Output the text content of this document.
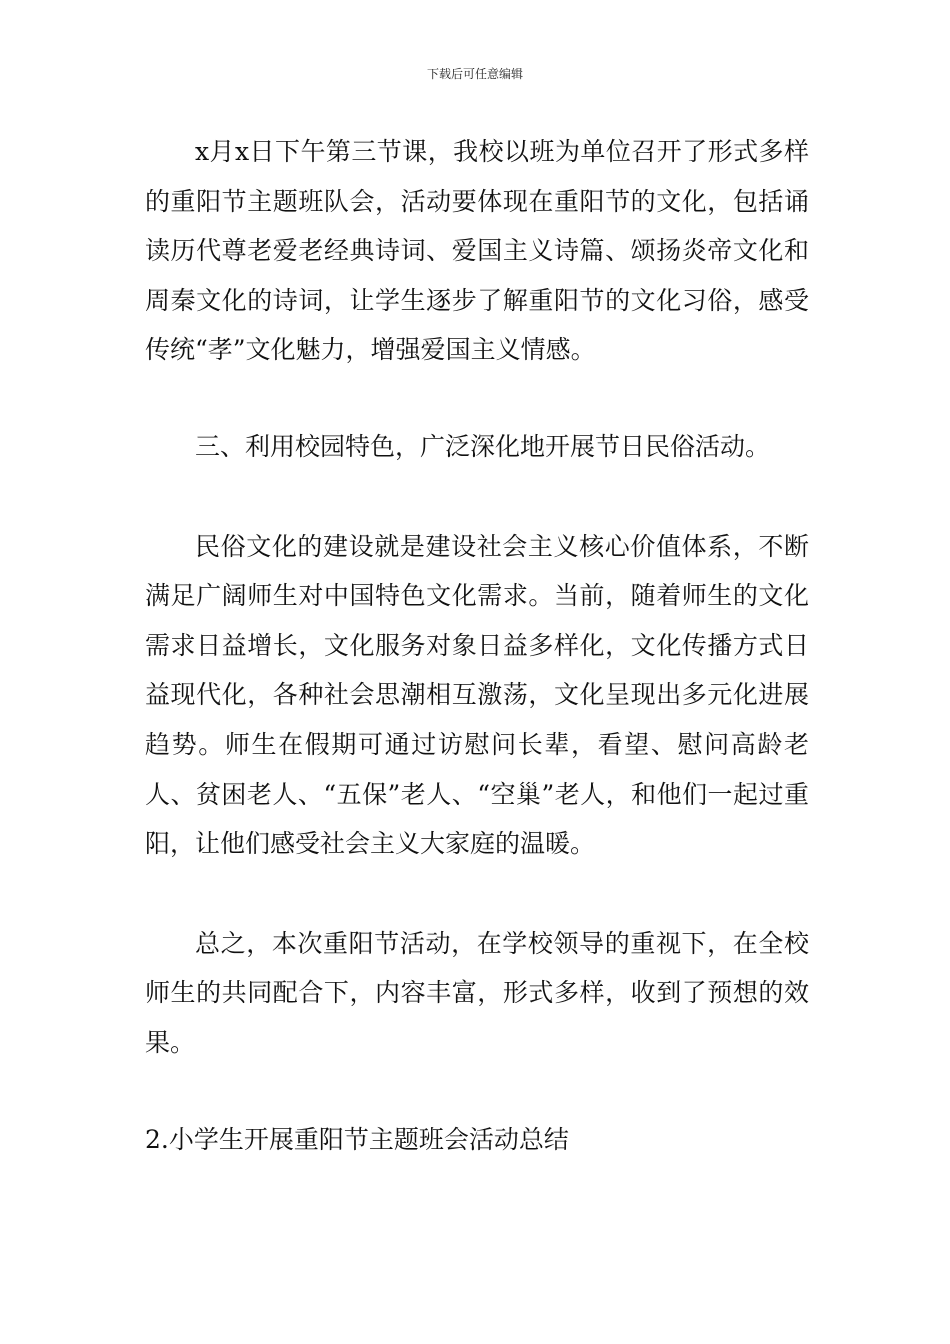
下载后可任意编辑

x月x日下午第三节课，我校以班为单位召开了形式多样的重阳节主题班队会，活动要体现在重阳节的文化，包括诵读历代尊老爱老经典诗词、爱国主义诗篇、颂扬炎帝文化和周秦文化的诗词，让学生逐步了解重阳节的文化习俗，感受传统“孝”文化魅力，增强爱国主义情感。

三、利用校园特色，广泛深化地开展节日民俗活动。

民俗文化的建设就是建设社会主义核心价值体系，不断满足广阔师生对中国特色文化需求。当前，随着师生的文化需求日益增长，文化服务对象日益多样化，文化传播方式日益现代化，各种社会思潮相互激荡，文化呈现出多元化进展趋势。师生在假期可通过访慰问长辈，看望、慰问高龄老人、贫困老人、“五保”老人、“空巢”老人，和他们一起过重阳，让他们感受社会主义大家庭的温暖。

总之，本次重阳节活动，在学校领导的重视下，在全校师生的共同配合下，内容丰富，形式多样，收到了预想的效果。

2.小学生开展重阳节主题班会活动总结
